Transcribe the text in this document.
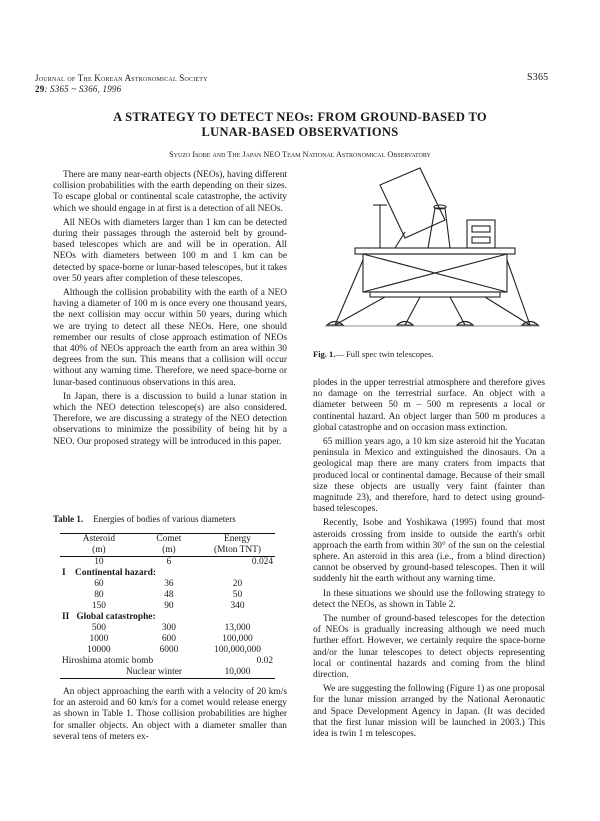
Journal of The Korean Astronomical Society
29: S365 ~ S366, 1996
S365
A STRATEGY TO DETECT NEOs: FROM GROUND-BASED TO
LUNAR-BASED OBSERVATIONS
Syuzo Isobe and The Japan NEO Team National Astronomical Observatory

There are many near-earth objects (NEOs), having different collision probabilities with the earth depending on their sizes. To escape global or continental scale catastrophe, the activity which we should engage in at first is a detection of all NEOs.

All NEOs with diameters larger than 1 km can be detected during their passages through the asteroid belt by ground-based telescopes which are and will be in operation. All NEOs with diameters between 100 m and 1 km can be detected by space-borne or lunar-based telescopes, but it takes over 50 years after completion of these telescopes.

Although the collision probability with the earth of a NEO having a diameter of 100 m is once every one thousand years, the next collision may occur within 50 years, during which we are trying to detect all these NEOs. Here, one should remember our results of close approach estimation of NEOs that 40% of NEOs approach the earth from an area within 30 degrees from the sun. This means that a collision will occur without any warning time. Therefore, we need space-borne or lunar-based continuous observations in this area.

In Japan, there is a discussion to build a lunar station in which the NEO detection telescope(s) are also considered. Therefore, we are discussing a strategy of the NEO detection observations to minimize the possibility of being hit by a NEO. Our proposed strategy will be introduced in this paper.

Table 1. Energies of bodies of various diameters
Asteroid	Comet	Energy
(m)	(m)	(Mton TNT)
10	6	0.024
I    Continental hazard:		
60	36	20
80	48	50
150	90	340
II   Global catastrophe:		
500	300	13,000
1000	600	100,000
10000	6000	100,000,000
Hiroshima atomic bomb		0.02
Nuclear winter		10,000

An object approaching the earth with a velocity of 20 km/s for an asteroid and 60 km/s for a comet would release energy as shown in Table 1. Those collision probabilities are higher for smaller objects. An object with a diameter smaller than several tens of meters ex-

Fig. 1.— Full spec twin telescopes.

plodes in the upper terrestrial atmosphere and therefore gives no damage on the terrestrial surface. An object with a diameter between 50 m – 500 m represents a local or continental hazard. An object larger than 500 m produces a global catastrophe and on occasion mass extinction.

65 million years ago, a 10 km size asteroid hit the Yucatan peninsula in Mexico and extinguished the dinosaurs. On a geological map there are many craters from impacts that produced local or continental damage. Because of their small size these objects are usually very faint (fainter than magnitude 23), and therefore, hard to detect using ground-based telescopes.

Recently, Isobe and Yoshikawa (1995) found that most asteroids crossing from inside to outside the earth's orbit approach the earth from within 30° of the sun on the celestial sphere. An asteroid in this area (i.e., from a blind direction) cannot be observed by ground-based telescopes. Then it will suddenly hit the earth without any warning time.

In these situations we should use the following strategy to detect the NEOs, as shown in Table 2.

The number of ground-based telescopes for the detection of NEOs is gradually increasing although we need much further effort. However, we certainly require the space-borne and/or the lunar telescopes to detect objects representing local or continental hazards and coming from the blind direction.

We are suggesting the following (Figure 1) as one proposal for the lunar mission arranged by the National Aeronautic and Space Development Agency in Japan. (It was decided that the first lunar mission will be launched in 2003.) This idea is twin 1 m telescopes.
